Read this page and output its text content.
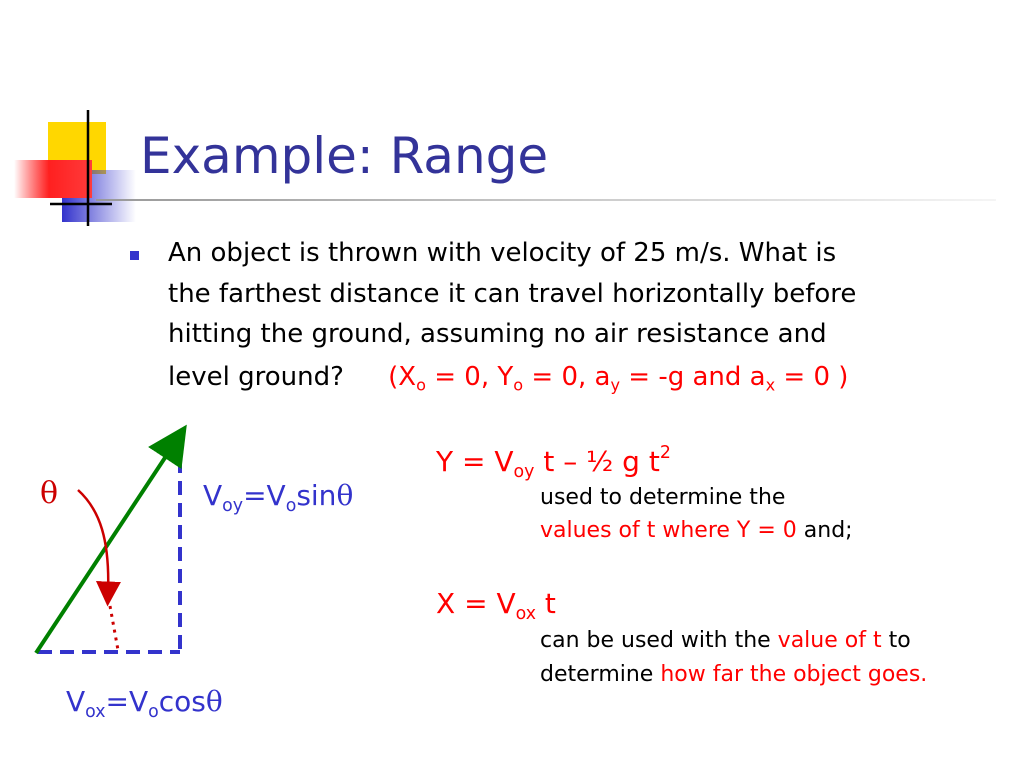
Example: Range
An object is thrown with velocity of 25 m/s. What is
the farthest distance it can travel horizontally before
hitting the ground, assuming no air resistance and
level ground? ($X_o = 0$, $Y_o = 0$, $a_y = -g$ and $a_x = 0$ )
θ	$V_{oy}=V_o\sin\theta$
$V_{ox}=V_o\cos\theta$
$Y = V_{oy}$ t – ½ g $t^2$
used to determine the
values of t where Y = 0 and;
$X = V_{ox}$ t
can be used with the value of t to
determine how far the object goes.
